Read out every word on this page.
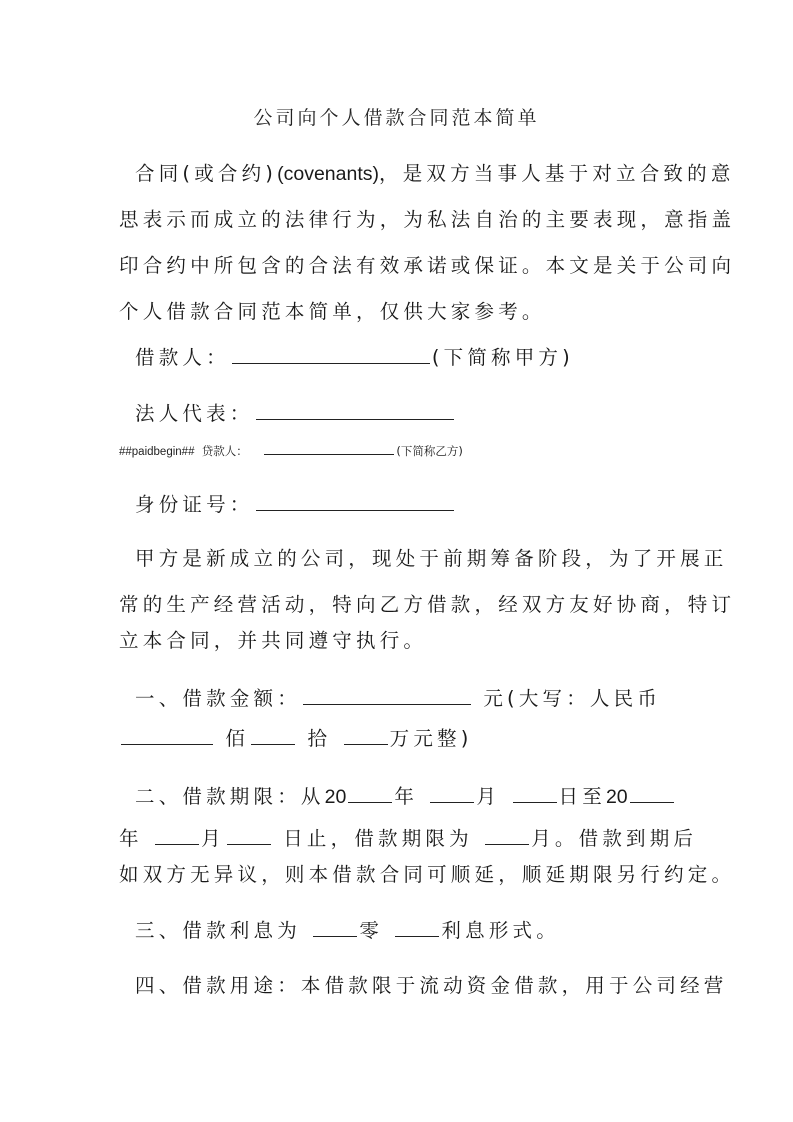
公司向个人借款合同范本简单
合同(或合约)(covenants)，是双方当事人基于对立合致的意
思表示而成立的法律行为，为私法自治的主要表现，意指盖
印合约中所包含的合法有效承诺或保证。本文是关于公司向
个人借款合同范本简单，仅供大家参考。
借款人：	(下简称甲方)
法人代表：
##paidbegin## 贷款人：	(下简称乙方)
身份证号：
甲方是新成立的公司，现处于前期筹备阶段，为了开展正
常的生产经营活动，特向乙方借款，经双方友好协商，特订
立本合同，并共同遵守执行。
一、借款金额：	元(大写：人民币
佰	拾	万元整)
二、借款期限：从20 年	月	日至20
年	月	日止，借款期限为	月。借款到期后
如双方无异议，则本借款合同可顺延，顺延期限另行约定。
三、借款利息为	零	利息形式。
四、借款用途：本借款限于流动资金借款，用于公司经营
